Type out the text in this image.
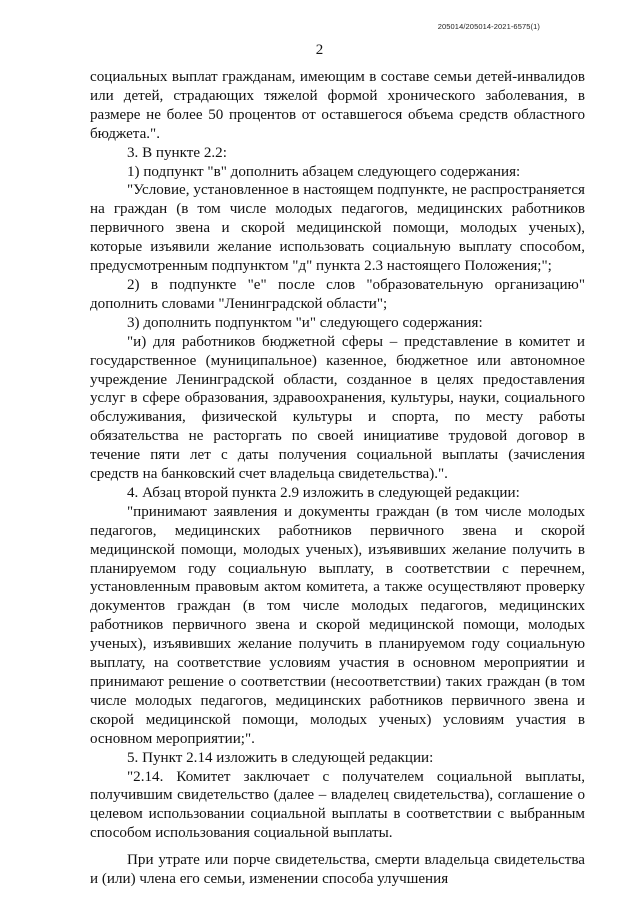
205014/205014-2021-6575(1)
2

социальных выплат гражданам, имеющим в составе семьи детей-инвалидов или детей, страдающих тяжелой формой хронического заболевания, в размере не более 50 процентов от оставшегося объема средств областного бюджета.".

3. В пункте 2.2:

1) подпункт "в" дополнить абзацем следующего содержания:

"Условие, установленное в настоящем подпункте, не распространяется на граждан (в том числе молодых педагогов, медицинских работников первичного звена и скорой медицинской помощи, молодых ученых), которые изъявили желание использовать социальную выплату способом, предусмотренным подпунктом "д" пункта 2.3 настоящего Положения;";

2) в подпункте "е" после слов "образовательную организацию" дополнить словами "Ленинградской области";

3) дополнить подпунктом "и" следующего содержания:

"и) для работников бюджетной сферы – представление в комитет и государственное (муниципальное) казенное, бюджетное или автономное учреждение Ленинградской области, созданное в целях предоставления услуг в сфере образования, здравоохранения, культуры, науки, социального обслуживания, физической культуры и спорта, по месту работы обязательства не расторгать по своей инициативе трудовой договор в течение пяти лет с даты получения социальной выплаты (зачисления средств на банковский счет владельца свидетельства).".

4. Абзац второй пункта 2.9 изложить в следующей редакции:

"принимают заявления и документы граждан (в том числе молодых педагогов, медицинских работников первичного звена и скорой медицинской помощи, молодых ученых), изъявивших желание получить в планируемом году социальную выплату, в соответствии с перечнем, установленным правовым актом комитета, а также осуществляют проверку документов граждан (в том числе молодых педагогов, медицинских работников первичного звена и скорой медицинской помощи, молодых ученых), изъявивших желание получить в планируемом году социальную выплату, на соответствие условиям участия в основном мероприятии и принимают решение о соответствии (несоответствии) таких граждан (в том числе молодых педагогов, медицинских работников первичного звена и скорой медицинской помощи, молодых ученых) условиям участия в основном мероприятии;".

5. Пункт 2.14 изложить в следующей редакции:

"2.14. Комитет заключает с получателем социальной выплаты, получившим свидетельство (далее – владелец свидетельства), соглашение о целевом использовании социальной выплаты в соответствии с выбранным способом использования социальной выплаты.

При утрате или порче свидетельства, смерти владельца свидетельства и (или) члена его семьи, изменении способа улучшения
